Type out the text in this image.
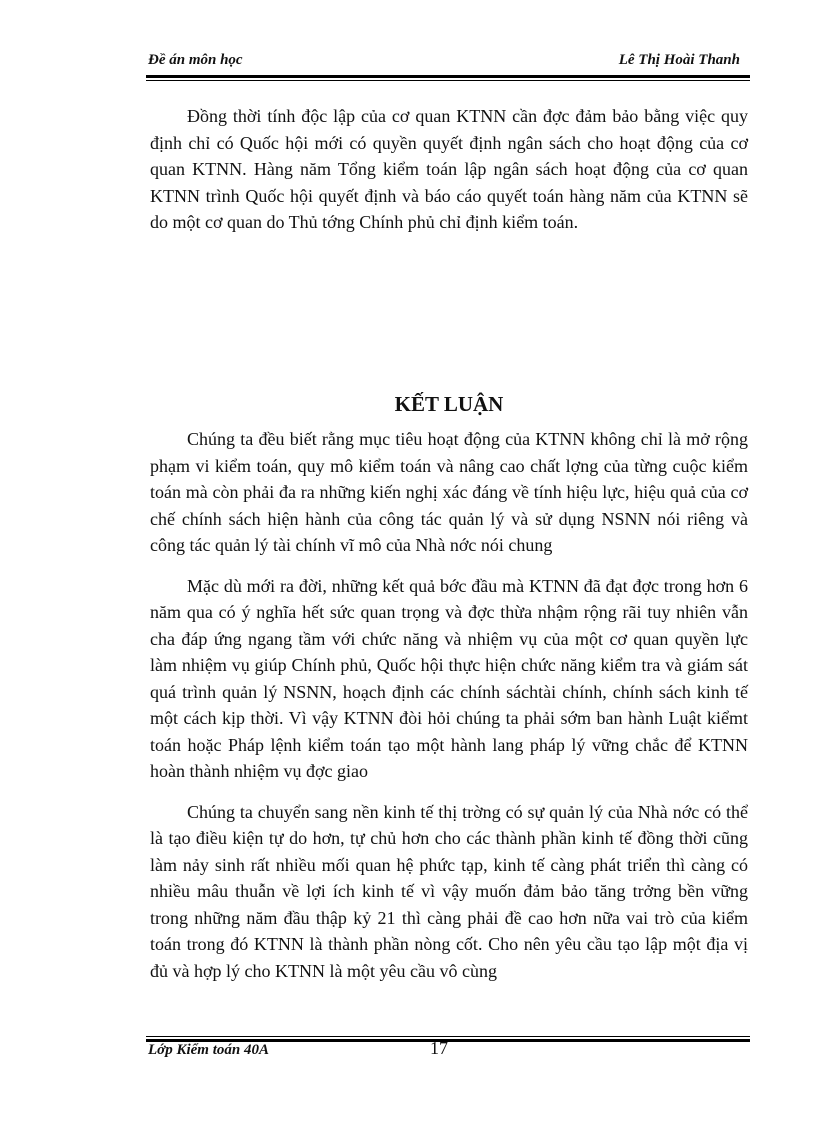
Đề án môn học	Lê Thị Hoài Thanh

Đồng thời tính độc lập của cơ quan KTNN cần đợc đảm bảo bằng việc quy định chỉ có Quốc hội mới có quyền quyết định ngân sách cho hoạt động của cơ quan KTNN. Hàng năm Tổng kiểm toán lập ngân sách hoạt động của cơ quan KTNN trình Quốc hội quyết định và báo cáo quyết toán hàng năm của KTNN sẽ do một cơ quan do Thủ tớng Chính phủ chỉ định kiểm toán.

KẾT LUẬN

Chúng ta đều biết rằng mục tiêu hoạt động của KTNN không chỉ là mở rộng phạm vi kiểm toán, quy mô kiểm toán và nâng cao chất lợng của từng cuộc kiểm toán mà còn phải đa ra những kiến nghị xác đáng về tính hiệu lực, hiệu quả của cơ chế chính sách hiện hành của công tác quản lý và sử dụng NSNN nói riêng và công tác quản lý tài chính vĩ mô của Nhà nớc nói chung

Mặc dù mới ra đời, những kết quả bớc đầu mà KTNN đã đạt đợc trong hơn 6 năm qua có ý nghĩa hết sức quan trọng và đợc thừa nhậm rộng rãi tuy nhiên vẫn cha đáp ứng ngang tầm với chức năng và nhiệm vụ của một cơ quan quyền lực làm nhiệm vụ giúp Chính phủ, Quốc hội thực hiện chức năng kiểm tra và giám sát quá trình quản lý NSNN, hoạch định các chính sáchtài chính, chính sách kinh tế một cách kịp thời. Vì vậy KTNN đòi hỏi chúng ta phải sớm ban hành Luật kiểmt toán hoặc Pháp lệnh kiểm toán tạo một hành lang pháp lý vững chắc để KTNN hoàn thành nhiệm vụ đợc giao

Chúng ta chuyển sang nền kinh tế thị trờng có sự quản lý của Nhà nớc có thể là tạo điều kiện tự do hơn, tự chủ hơn cho các thành phần kinh tế đồng thời cũng làm nảy sinh rất nhiều mối quan hệ phức tạp, kinh tế càng phát triển thì càng có nhiều mâu thuẫn về lợi ích kinh tế vì vậy muốn đảm bảo tăng trởng bền vững trong những năm đầu thập kỷ 21 thì càng phải đề cao hơn nữa vai trò của kiểm toán trong đó KTNN là thành phần nòng cốt. Cho nên yêu cầu tạo lập một địa vị đủ và hợp lý cho KTNN là một yêu cầu vô cùng

Lớp Kiểm toán 40A	17
